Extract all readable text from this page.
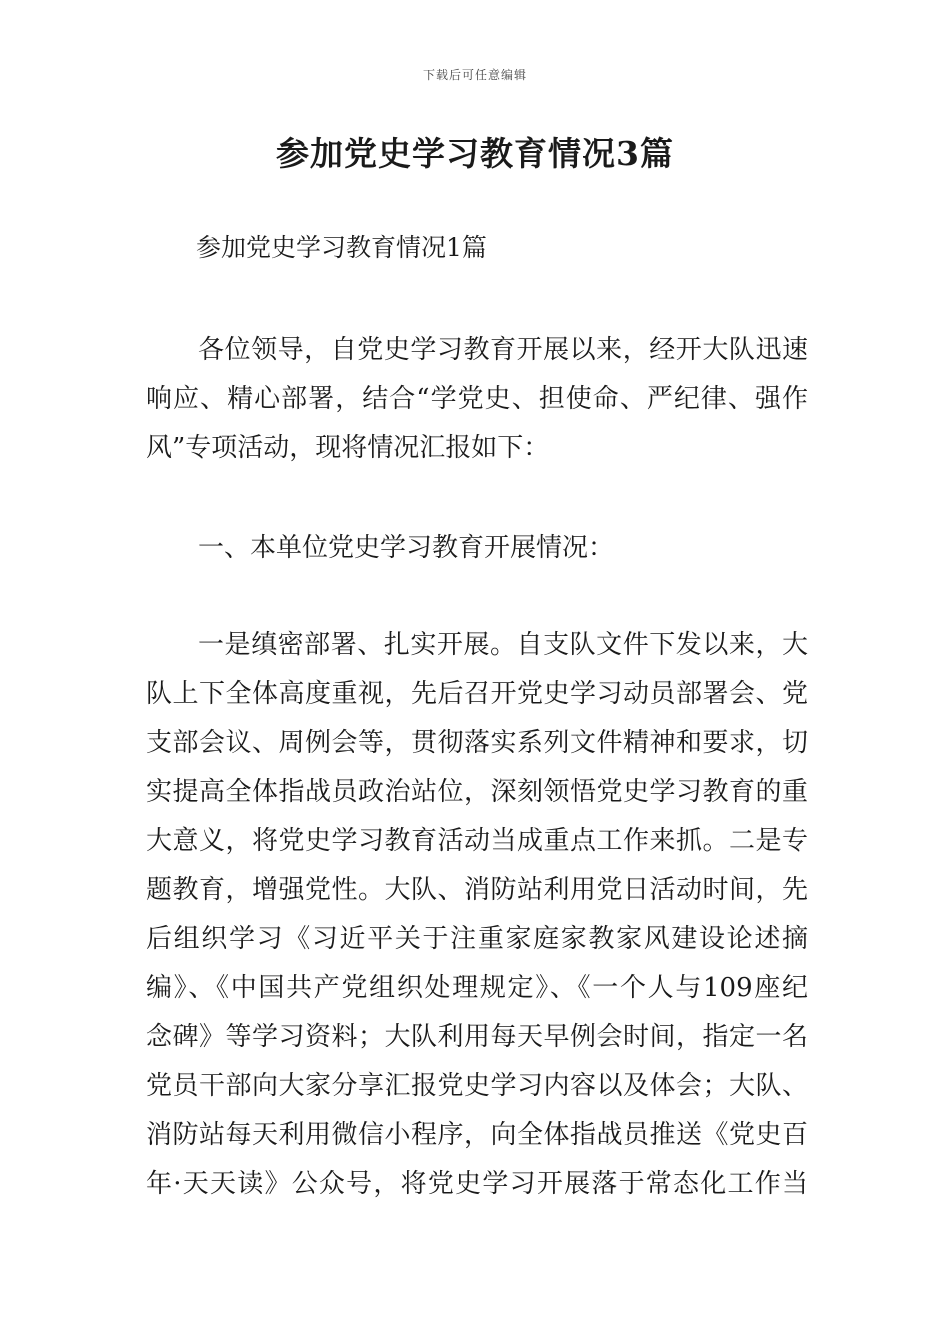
下载后可任意编辑
参加党史学习教育情况3篇

参加党史学习教育情况1篇

各位领导，自党史学习教育开展以来，经开大队迅速
响应、精心部署，结合“学党史、担使命、严纪律、强作
风”专项活动，现将情况汇报如下：

一、本单位党史学习教育开展情况：

一是缜密部署、扎实开展。自支队文件下发以来，大
队上下全体高度重视，先后召开党史学习动员部署会、党
支部会议、周例会等，贯彻落实系列文件精神和要求，切
实提高全体指战员政治站位，深刻领悟党史学习教育的重
大意义，将党史学习教育活动当成重点工作来抓。二是专
题教育，增强党性。大队、消防站利用党日活动时间，先
后组织学习《习近平关于注重家庭家教家风建设论述摘
编》、《中国共产党组织处理规定》、《一个人与109座纪
念碑》等学习资料；大队利用每天早例会时间，指定一名
党员干部向大家分享汇报党史学习内容以及体会；大队、
消防站每天利用微信小程序，向全体指战员推送《党史百
年·天天读》公众号，将党史学习开展落于常态化工作当
